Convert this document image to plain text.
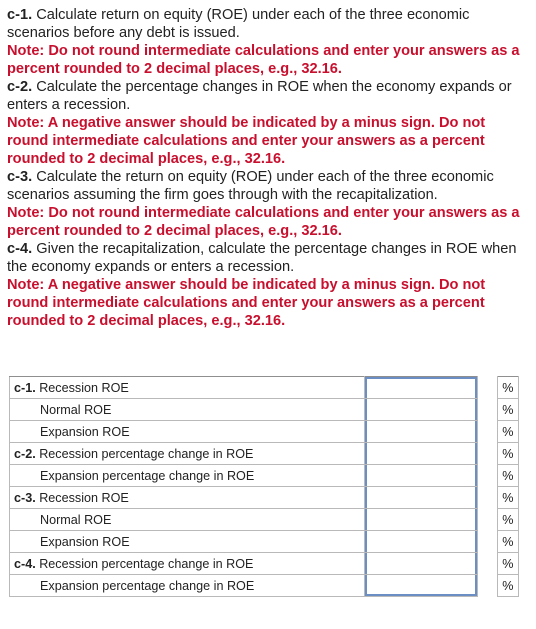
c-1. Calculate return on equity (ROE) under each of the three economic scenarios before any debt is issued.

Note: Do not round intermediate calculations and enter your answers as a percent rounded to 2 decimal places, e.g., 32.16.

c-2. Calculate the percentage changes in ROE when the economy expands or enters a recession.

Note: A negative answer should be indicated by a minus sign. Do not round intermediate calculations and enter your answers as a percent rounded to 2 decimal places, e.g., 32.16.

c-3. Calculate the return on equity (ROE) under each of the three economic scenarios assuming the firm goes through with the recapitalization.

Note: Do not round intermediate calculations and enter your answers as a percent rounded to 2 decimal places, e.g., 32.16.

c-4. Given the recapitalization, calculate the percentage changes in ROE when the economy expands or enters a recession.

Note: A negative answer should be indicated by a minus sign. Do not round intermediate calculations and enter your answers as a percent rounded to 2 decimal places, e.g., 32.16.

c-1. Recession ROE			%
Normal ROE			%
Expansion ROE			%
c-2. Recession percentage change in ROE			%
Expansion percentage change in ROE			%
c-3. Recession ROE			%
Normal ROE			%
Expansion ROE			%
c-4. Recession percentage change in ROE			%
Expansion percentage change in ROE			%
